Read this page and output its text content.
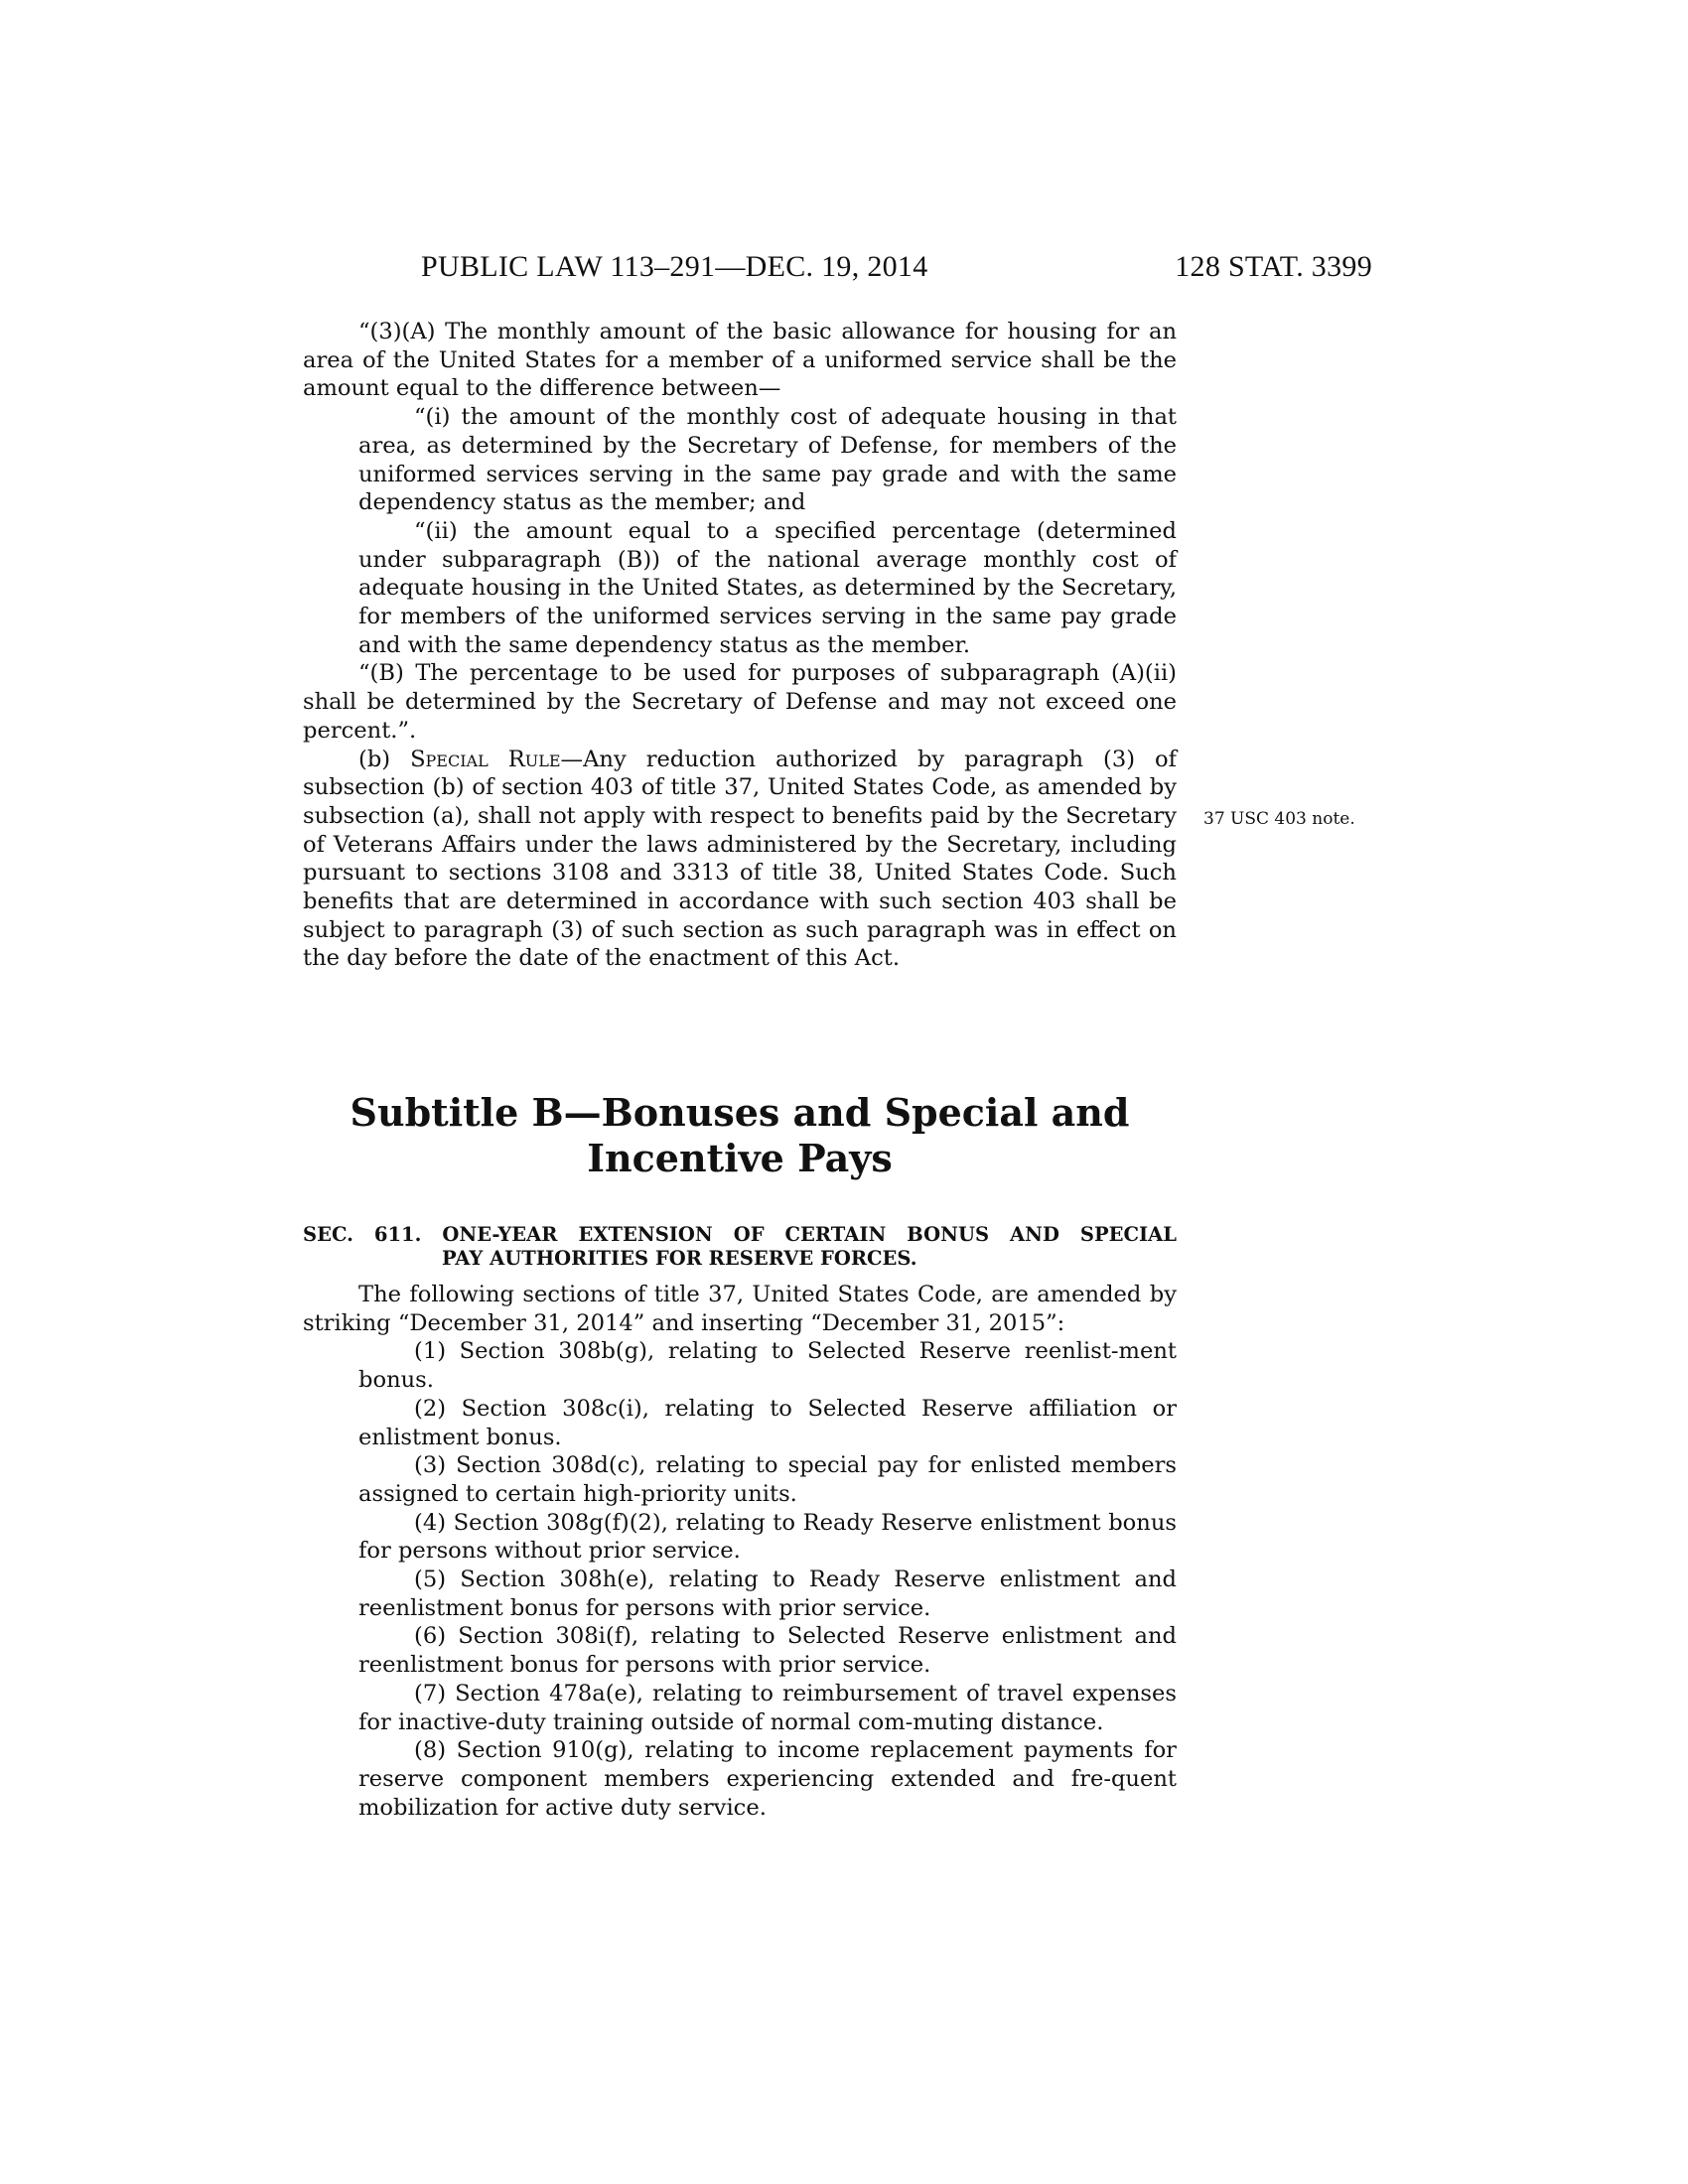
PUBLIC LAW 113–291—DEC. 19, 2014	128 STAT. 3399
37 USC 403 note.

“(3)(A) The monthly amount of the basic allowance for housing for an area of the United States for a member of a uniformed service shall be the amount equal to the difference between—

“(i) the amount of the monthly cost of adequate housing in that area, as determined by the Secretary of Defense, for members of the uniformed services serving in the same pay grade and with the same dependency status as the member; and

“(ii) the amount equal to a specified percentage (determined under subparagraph (B)) of the national average monthly cost of adequate housing in the United States, as determined by the Secretary, for members of the uniformed services serving in the same pay grade and with the same dependency status as the member.

“(B) The percentage to be used for purposes of subparagraph (A)(ii) shall be determined by the Secretary of Defense and may not exceed one percent.”.

(b) Special Rule—Any reduction authorized by paragraph (3) of subsection (b) of section 403 of title 37, United States Code, as amended by subsection (a), shall not apply with respect to benefits paid by the Secretary of Veterans Affairs under the laws administered by the Secretary, including pursuant to sections 3108 and 3313 of title 38, United States Code. Such benefits that are determined in accordance with such section 403 shall be subject to paragraph (3) of such section as such paragraph was in effect on the day before the date of the enactment of this Act.

Subtitle B—Bonuses and Special and
Incentive Pays
SEC. 611. ONE-YEAR EXTENSION OF CERTAIN BONUS AND SPECIAL
PAY AUTHORITIES FOR RESERVE FORCES.

The following sections of title 37, United States Code, are amended by striking “December 31, 2014” and inserting “December 31, 2015”:

(1) Section 308b(g), relating to Selected Reserve reenlist-ment bonus.

(2) Section 308c(i), relating to Selected Reserve affiliation or enlistment bonus.

(3) Section 308d(c), relating to special pay for enlisted members assigned to certain high-priority units.

(4) Section 308g(f)(2), relating to Ready Reserve enlistment bonus for persons without prior service.

(5) Section 308h(e), relating to Ready Reserve enlistment and reenlistment bonus for persons with prior service.

(6) Section 308i(f), relating to Selected Reserve enlistment and reenlistment bonus for persons with prior service.

(7) Section 478a(e), relating to reimbursement of travel expenses for inactive-duty training outside of normal com-muting distance.

(8) Section 910(g), relating to income replacement payments for reserve component members experiencing extended and fre-quent mobilization for active duty service.
